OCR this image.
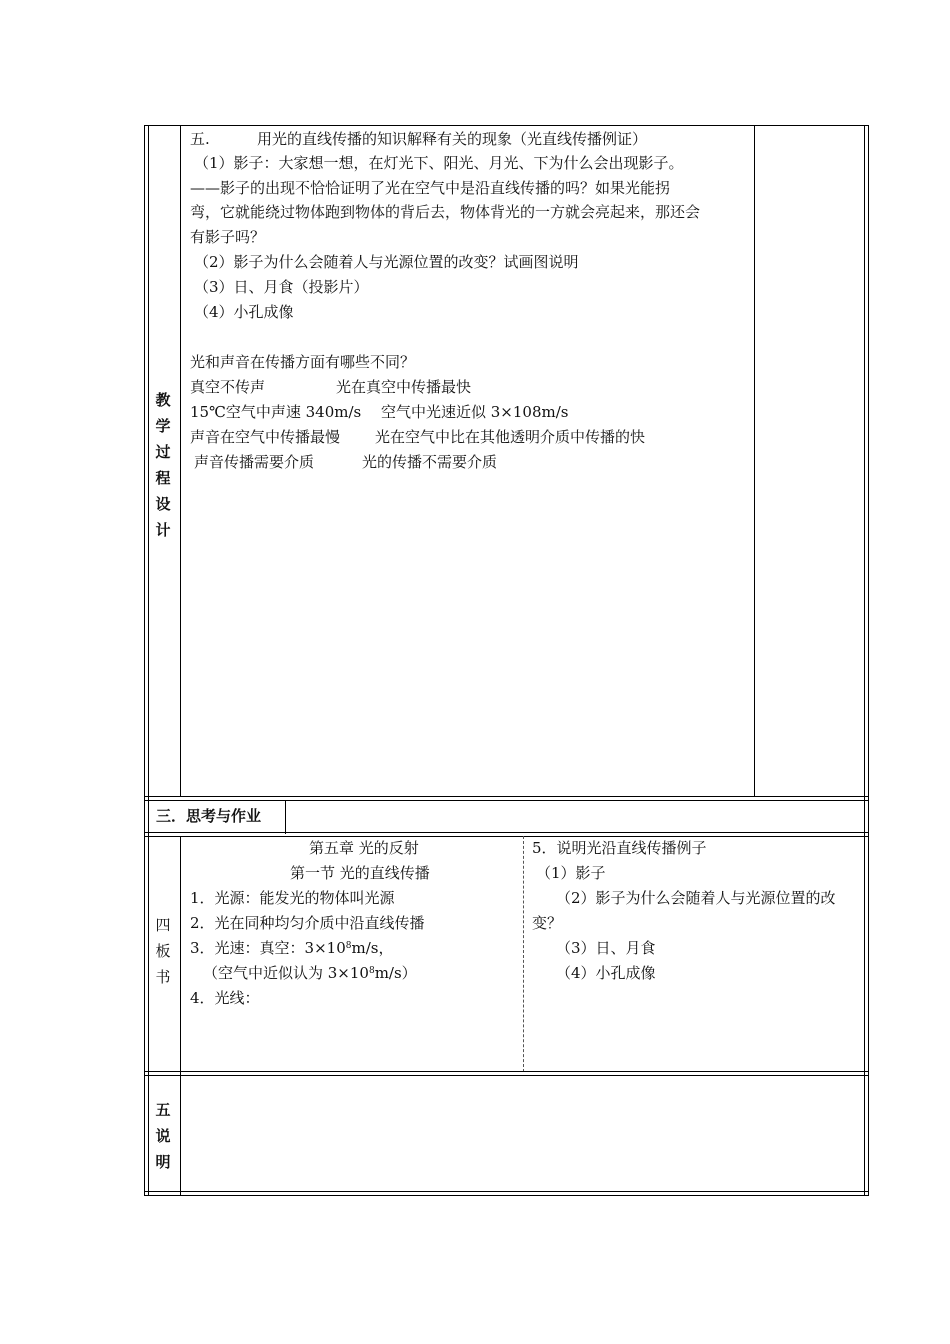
教
学
过
程
设
计
五.	用光的直线传播的知识解释有关的现象（光直线传播例证）
（1）影子：大家想一想，在灯光下、阳光、月光、下为什么会出现影子。
——影子的出现不恰恰证明了光在空气中是沿直线传播的吗？如果光能拐
弯，它就能绕过物体跑到物体的背后去，物体背光的一方就会亮起来，那还会
有影子吗？
（2）影子为什么会随着人与光源位置的改变？试画图说明
（3）日、月食（投影片）
（4）小孔成像
光和声音在传播方面有哪些不同？
真空不传声	光在真空中传播最快
15℃空气中声速 340m/s 空气中光速近似 3×108m/s
声音在空气中传播最慢 光在空气中比在其他透明介质中传播的快
声音传播需要介质	光的传播不需要介质
三．思考与作业
四
板
书
第五章 光的反射
第一节 光的直线传播
1．光源：能发光的物体叫光源
2．光在同种均匀介质中沿直线传播
3．光速：真空：$3\times 10^8m/s$，
（空气中近似认为 $3\times 10^8m/s$）
4．光线：
5．说明光沿直线传播例子
（1）影子
（2）影子为什么会随着人与光源位置的改
变？
（3）日、月食
（4）小孔成像
五
说
明
